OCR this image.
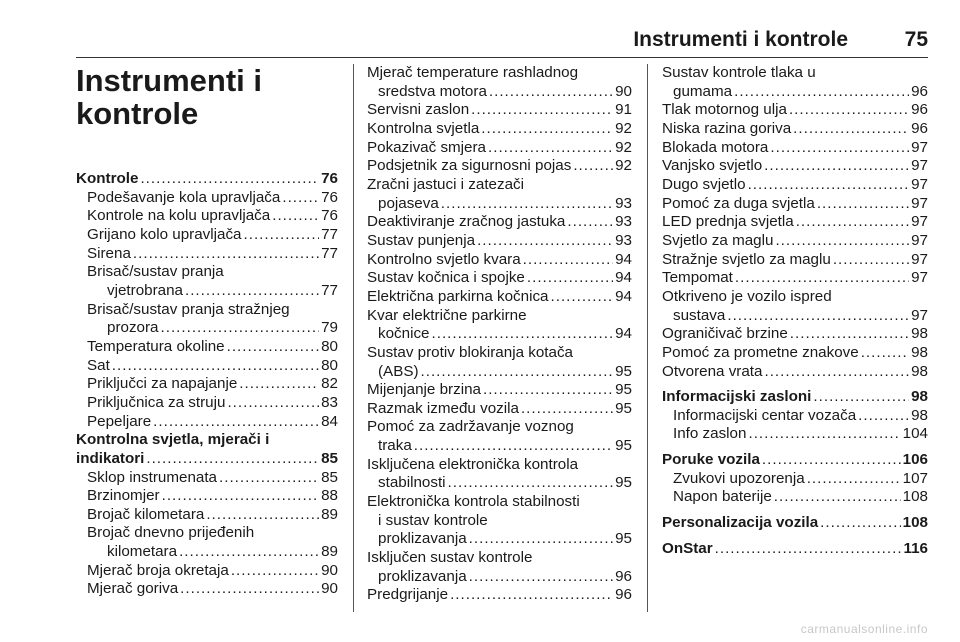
Instrumenti i kontrole	75
Instrumenti i
kontrole
Kontrole .....	76
Podešavanje kola upravljača .....	76
Kontrole na kolu upravljača .....	76
Grijano kolo upravljača .....	77
Sirena .....	77
Brisač/sustav pranja
vjetrobrana .....	77
Brisač/sustav pranja stražnjeg
prozora .....	79
Temperatura okoline .....	80
Sat .....	80
Priključci za napajanje .....	82
Priključnica za struju .....	83
Pepeljare .....	84
Kontrolna svjetla, mjerači i
indikatori .....	85
Sklop instrumenata .....	85
Brzinomjer .....	88
Brojač kilometara .....	89
Brojač dnevno prijeđenih
kilometara .....	89
Mjerač broja okretaja .....	90
Mjerač goriva .....	90
Mjerač temperature rashladnog
sredstva motora .....	90
Servisni zaslon .....	91
Kontrolna svjetla .....	92
Pokazivač smjera .....	92
Podsjetnik za sigurnosni pojas .....	92
Zračni jastuci i zatezači
pojaseva .....	93
Deaktiviranje zračnog jastuka .....	93
Sustav punjenja .....	93
Kontrolno svjetlo kvara .....	94
Sustav kočnica i spojke .....	94
Električna parkirna kočnica .....	94
Kvar električne parkirne
kočnice .....	94
Sustav protiv blokiranja kotača
(ABS) .....	95
Mijenjanje brzina .....	95
Razmak između vozila .....	95
Pomoć za zadržavanje voznog
traka .....	95
Isključena elektronička kontrola
stabilnosti .....	95
Elektronička kontrola stabilnosti
i sustav kontrole
proklizavanja .....	95
Isključen sustav kontrole
proklizavanja .....	96
Predgrijanje .....	96
Sustav kontrole tlaka u
gumama .....	96
Tlak motornog ulja .....	96
Niska razina goriva .....	96
Blokada motora .....	97
Vanjsko svjetlo .....	97
Dugo svjetlo .....	97
Pomoć za duga svjetla .....	97
LED prednja svjetla .....	97
Svjetlo za maglu .....	97
Stražnje svjetlo za maglu .....	97
Tempomat .....	97
Otkriveno je vozilo ispred
sustava .....	97
Ograničivač brzine .....	98
Pomoć za prometne znakove .....	98
Otvorena vrata .....	98
Informacijski zasloni .....	98
Informacijski centar vozača .....	98
Info zaslon .....	104
Poruke vozila .....	106
Zvukovi upozorenja .....	107
Napon baterije .....	108
Personalizacija vozila .....	108
OnStar .....	116
carmanualsonline.info
